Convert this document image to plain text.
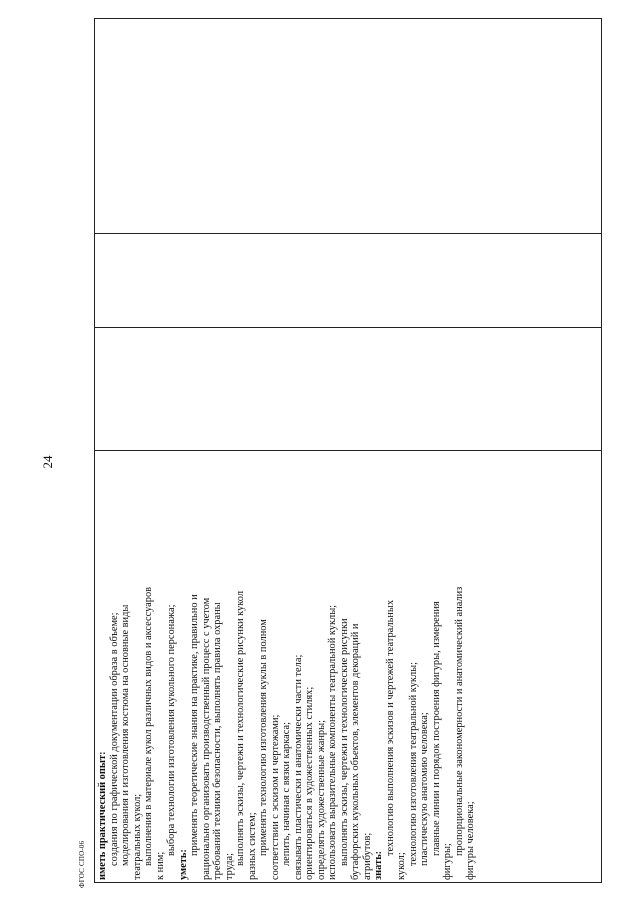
24
иметь практический опыт: создания по графической документации образа в объеме; моделирования и изготовления костюма на основные виды театральных кукол; выполнения в материале кукол различных видов и аксессуаров к ним;
выбора технологии изготовления кукольного персонажа;
уметь:
применять теоретические знания на практике, правильно и рационально организовать производственный процесс с учетом требований техники безопасности, выполнять правила охраны труда;
выполнять эскизы, чертежи и технологические рисунки кукол разных систем; применять технологию изготовления куклы в полном соответствии с эскизом и чертежами; лепить, начиная с вязки каркаса; связывать пластически и анатомически части тела; ориентироваться в художественных стилях; определять художественные жанры; использовать выразительные компоненты театральной куклы; выполнять эскизы, чертежи и технологические рисунки бутафорских кукольных объектов, элементов декораций и атрибутов; знать:
технологию выполнения эскизов и чертежей театральных
кукол;
технологию изготовления театральной куклы; пластическую анатомию человека; главные линии и порядок построения фигуры, измерения
фигуры;
пропорциональные закономерности и анатомический анализ фигуры человека;
ФГОС СПО-06
